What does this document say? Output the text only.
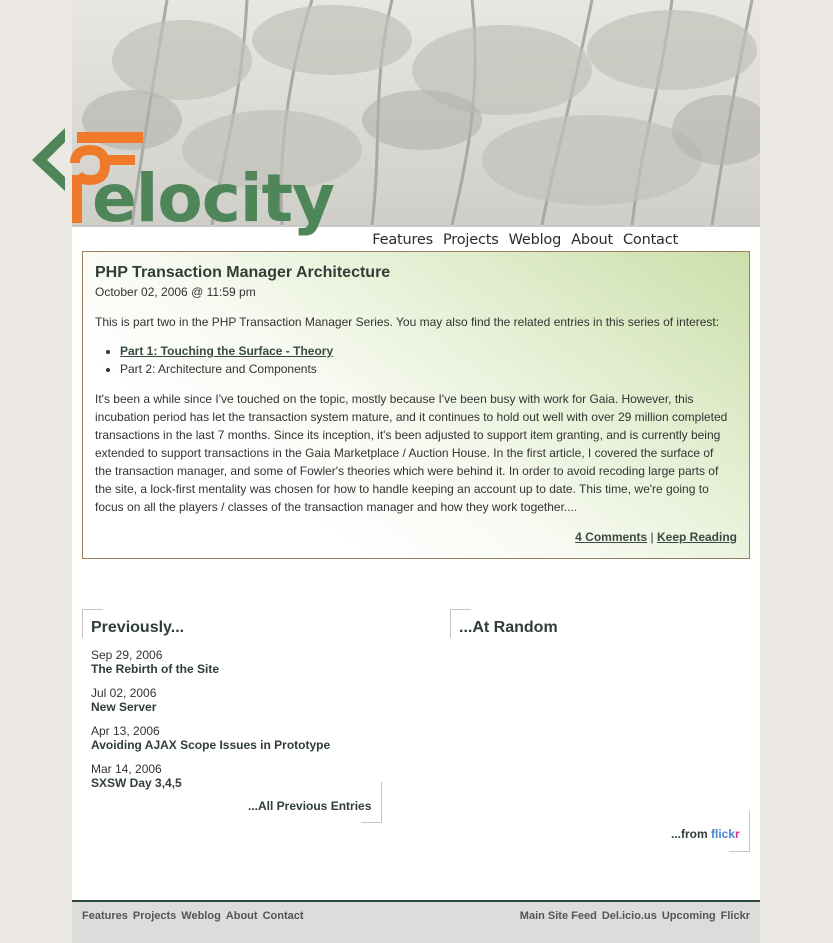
Features Projects Weblog About Contact
elocity
PHP Transaction Manager Architecture
October 02, 2006 @ 11:59 pm
This is part two in the PHP Transaction Manager Series. You may also find the related entries in this series of interest:
• Part 1: Touching the Surface - Theory
• Part 2: Architecture and Components

It's been a while since I've touched on the topic, mostly because I've been busy with work for Gaia. However, this incubation period has let the transaction system mature, and it continues to hold out well with over 29 million completed transactions in the last 7 months. Since its inception, it's been adjusted to support item granting, and is currently being extended to support transactions in the Gaia Marketplace / Auction House. In the first article, I covered the surface of the transaction manager, and some of Fowler's theories which were behind it. In order to avoid recoding large parts of the site, a lock-first mentality was chosen for how to handle keeping an account up to date. This time, we're going to focus on all the players / classes of the transaction manager and how they work together....

4 Comments | Keep Reading
Previously...
Sep 29, 2006
The Rebirth of the Site
Jul 02, 2006
New Server
Apr 13, 2006
Avoiding AJAX Scope Issues in Prototype
Mar 14, 2006
SXSW Day 3,4,5
...All Previous Entries
...At Random
...from flickr
Features Projects Weblog About Contact	Main Site Feed Del.icio.us Upcoming Flickr
